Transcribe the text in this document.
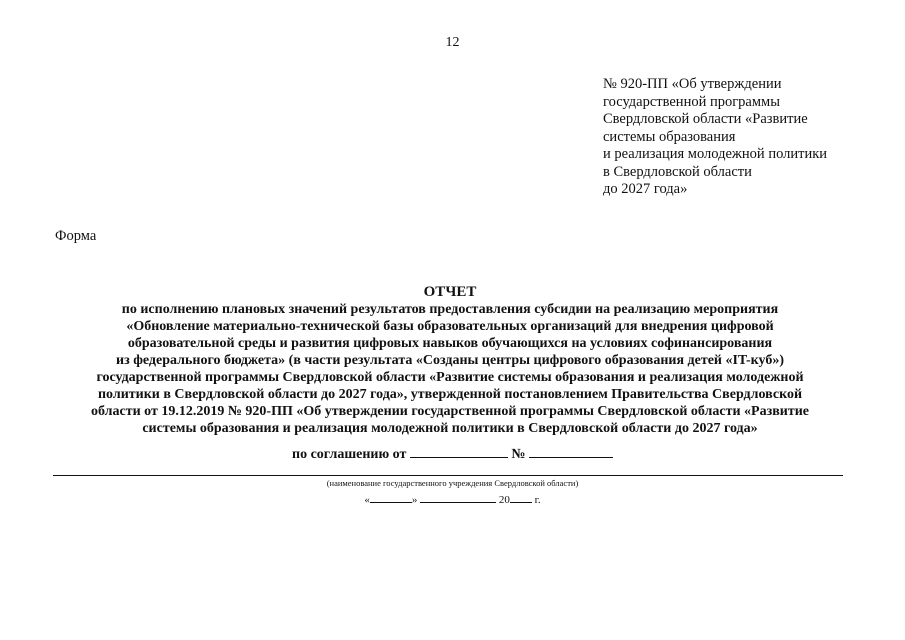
12
№ 920-ПП «Об утверждении
государственной программы
Свердловской области «Развитие
системы образования
и реализация молодежной политики
в Свердловской области
до 2027 года»
Форма
ОТЧЕТ
по исполнению плановых значений результатов предоставления субсидии на реализацию мероприятия
«Обновление материально-технической базы образовательных организаций для внедрения цифровой
образовательной среды и развития цифровых навыков обучающихся на условиях софинансирования
из федерального бюджета» (в части результата «Созданы центры цифрового образования детей «IT-куб»)
государственной программы Свердловской области «Развитие системы образования и реализация молодежной
политики в Свердловской области до 2027 года», утвержденной постановлением Правительства Свердловской
области от 19.12.2019 № 920-ПП «Об утверждении государственной программы Свердловской области «Развитие
системы образования и реализация молодежной политики в Свердловской области до 2027 года»
по соглашению от	№
(наименование государственного учреждения Свердловской области)
«	»	20 г.
